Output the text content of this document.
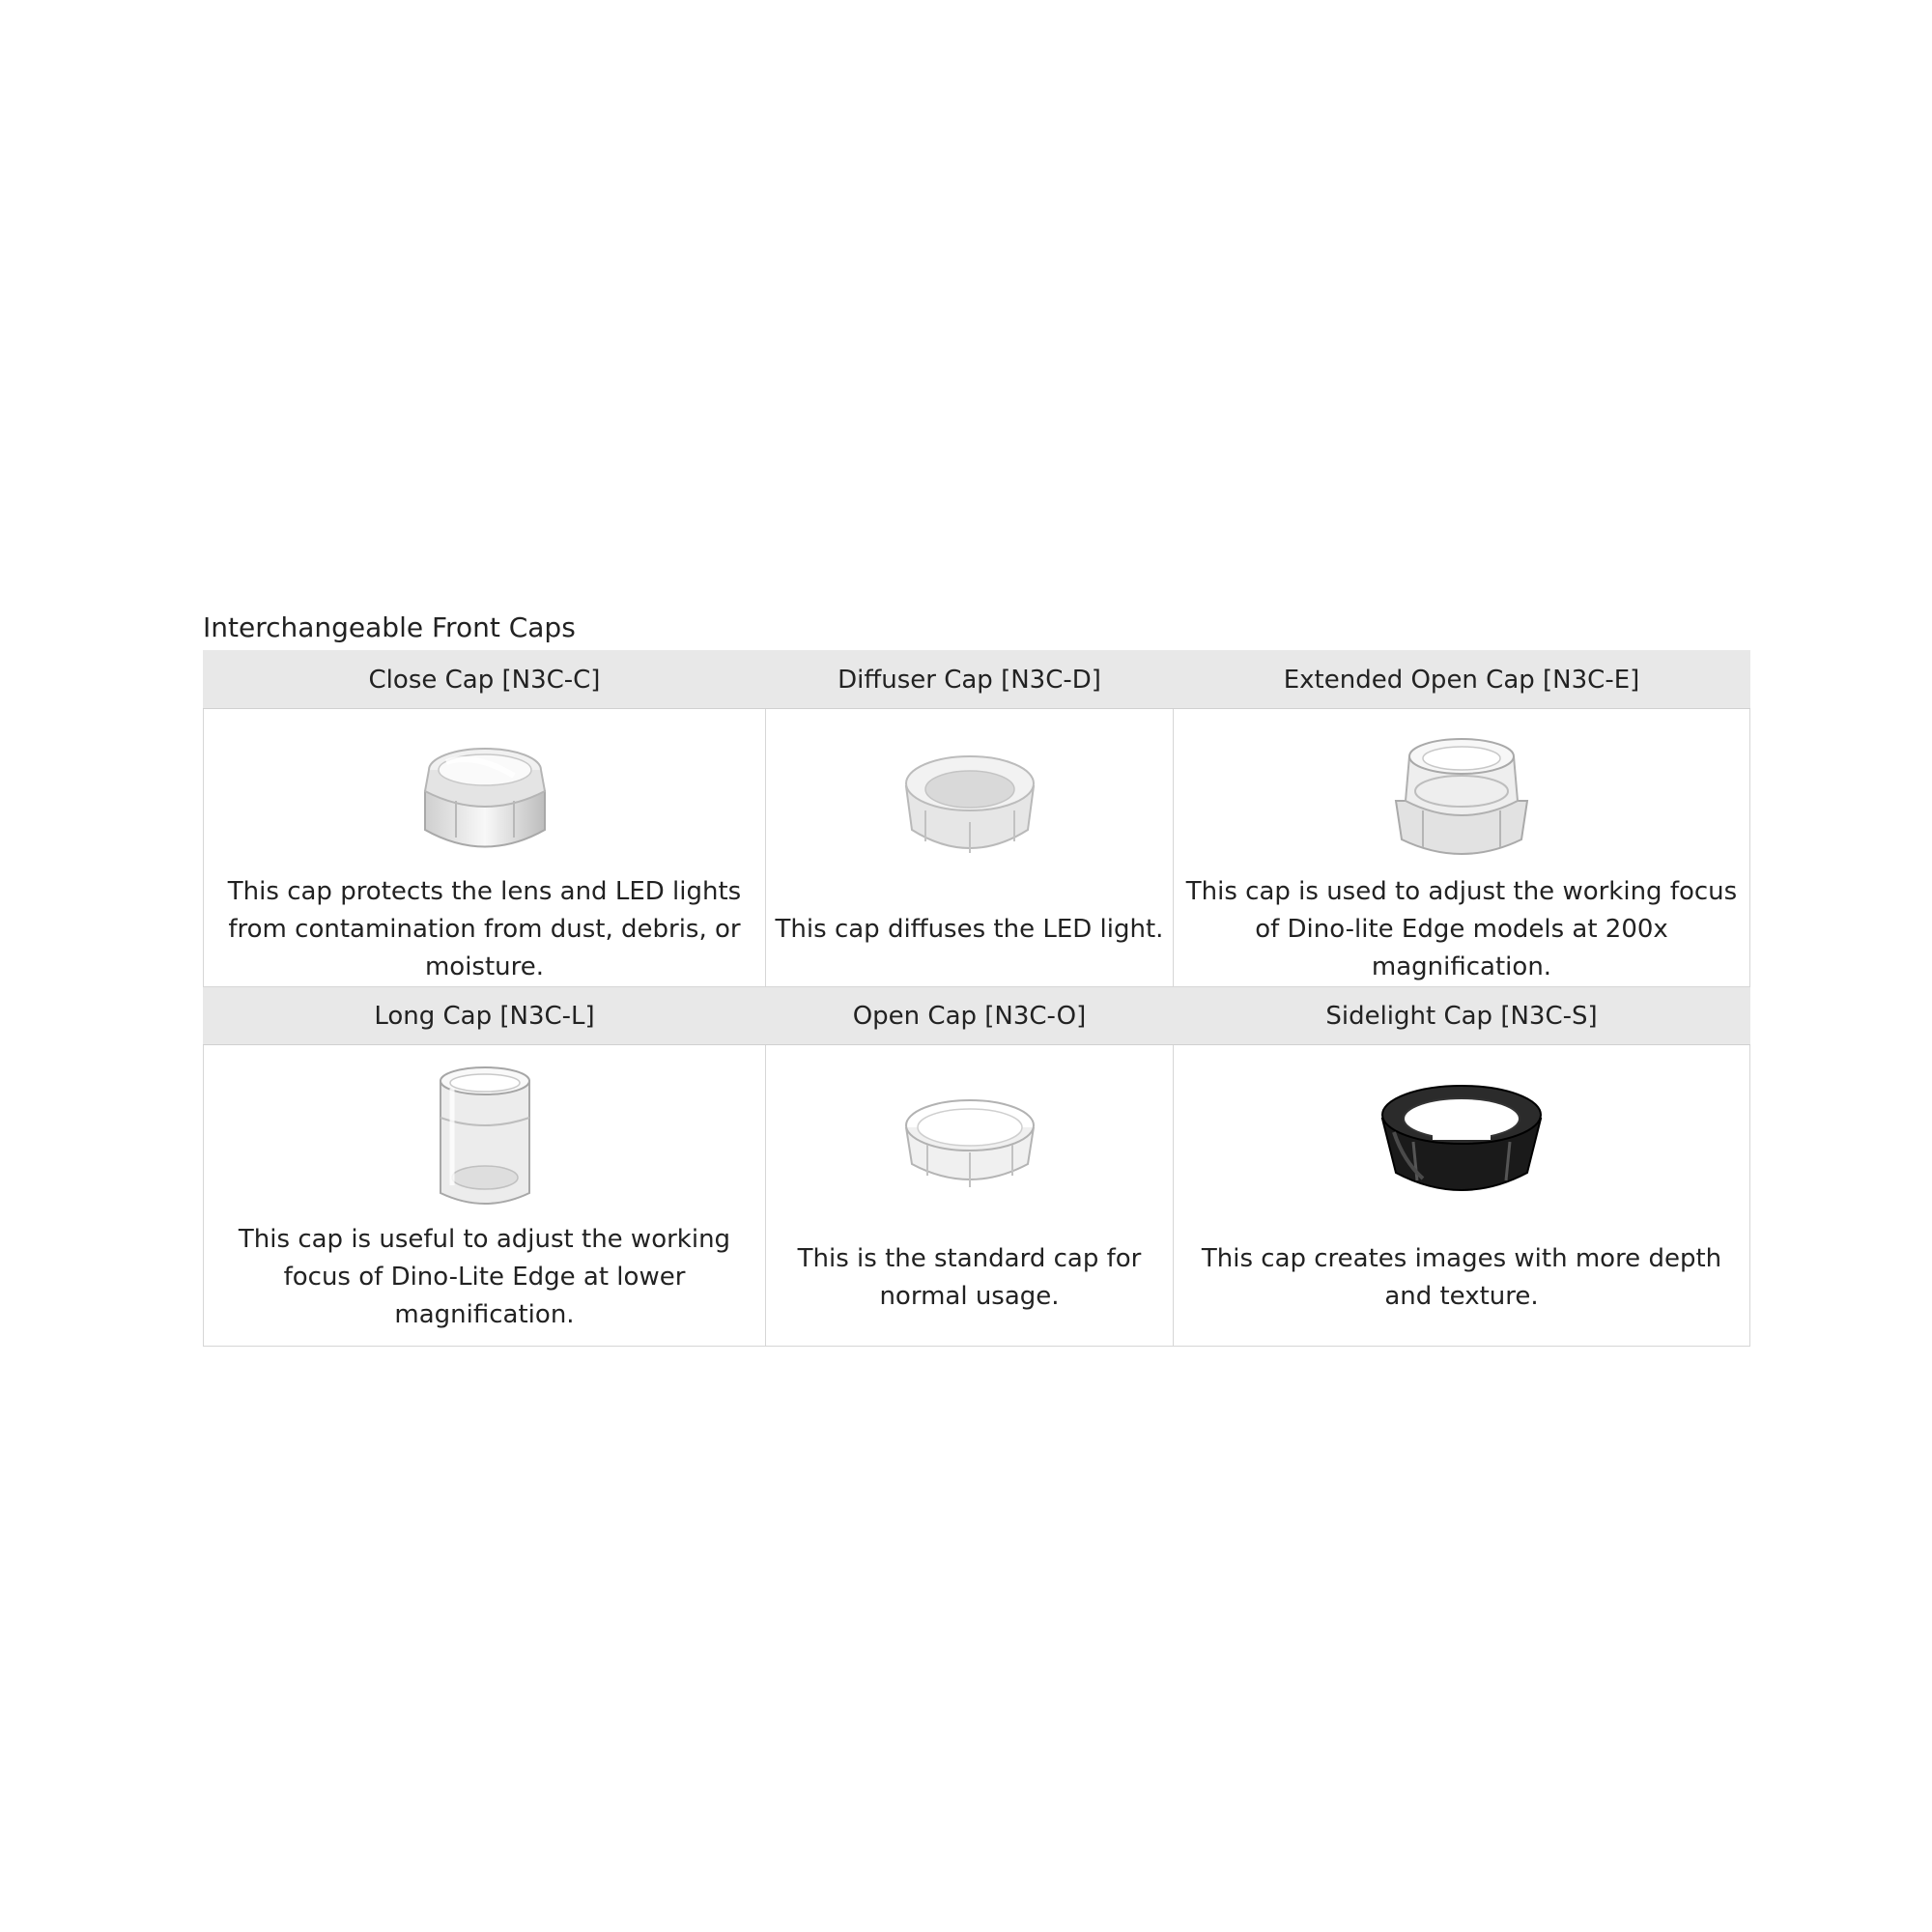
Interchangeable Front Caps
Close Cap [N3C-C]	Diffuser Cap [N3C-D]	Extended Open Cap [N3C-E]

This cap protects the lens and LED lights from contamination from dust, debris, or moisture.	This cap diffuses the LED light.	This cap is used to adjust the working focus of Dino-lite Edge models at 200x magnification.

Long Cap [N3C-L]	Open Cap [N3C-O]	Sidelight Cap [N3C-S]

This cap is useful to adjust the working focus of Dino-Lite Edge at lower magnification.	This is the standard cap for normal usage.	This cap creates images with more depth and texture.
